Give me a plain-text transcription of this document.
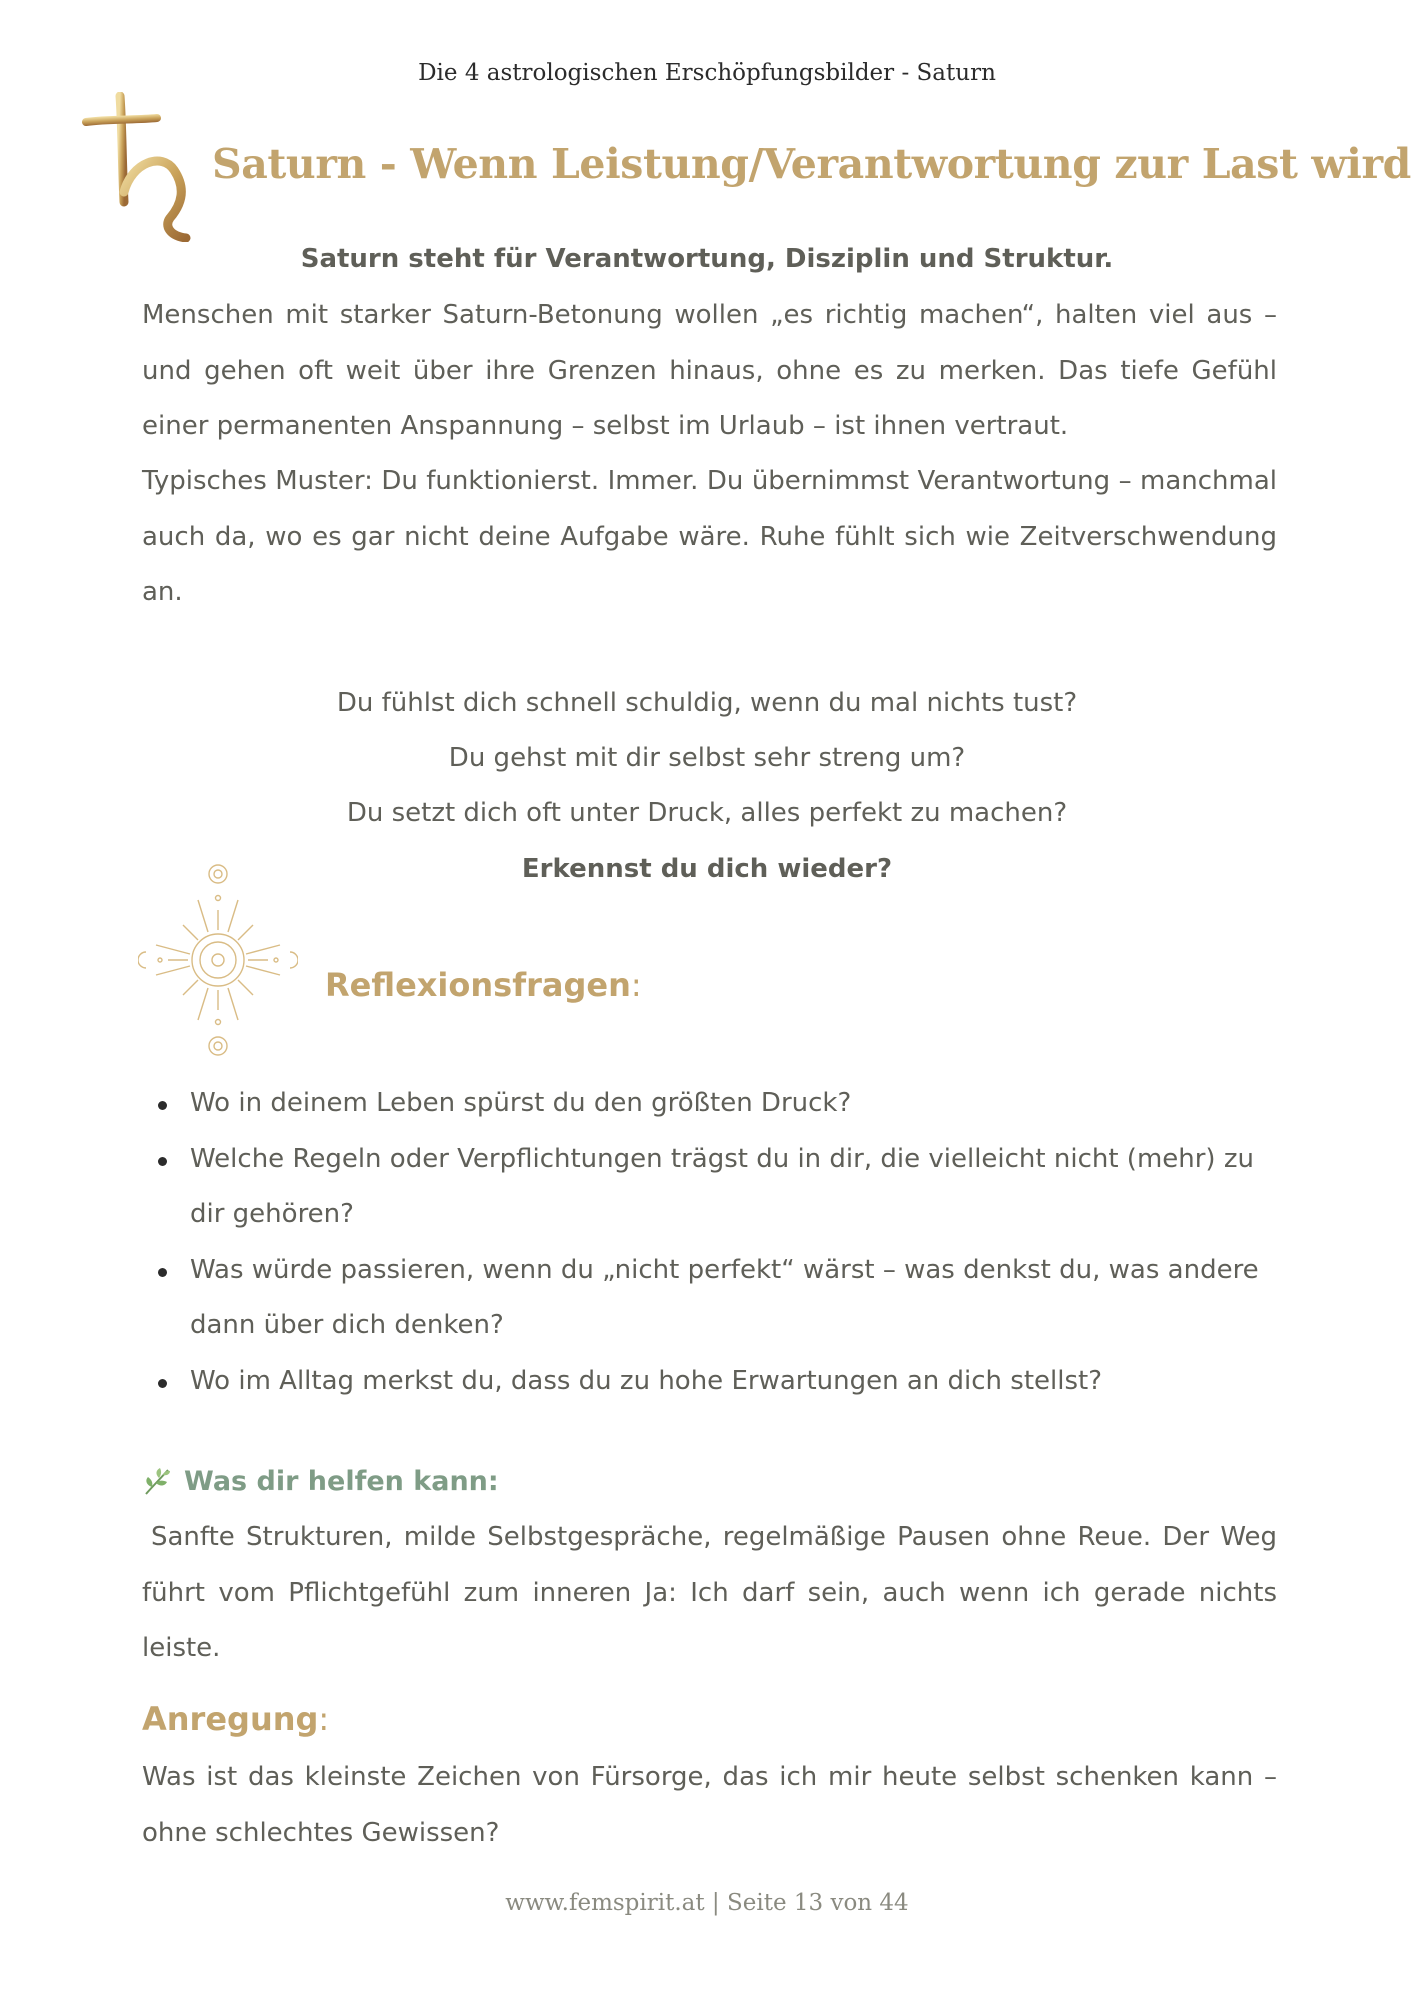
Die 4 astrologischen Erschöpfungsbilder - Saturn
Saturn - Wenn Leistung/Verantwortung zur Last wird

Saturn steht für Verantwortung, Disziplin und Struktur.

Menschen mit starker Saturn-Betonung wollen „es richtig machen“, halten viel aus – und gehen oft weit über ihre Grenzen hinaus, ohne es zu merken. Das tiefe Gefühl einer permanenten Anspannung – selbst im Urlaub – ist ihnen vertraut.

Typisches Muster: Du funktionierst. Immer. Du übernimmst Verantwortung – manchmal auch da, wo es gar nicht deine Aufgabe wäre. Ruhe fühlt sich wie Zeitverschwendung an.

Du fühlst dich schnell schuldig, wenn du mal nichts tust?

Du gehst mit dir selbst sehr streng um?

Du setzt dich oft unter Druck, alles perfekt zu machen?

Erkennst du dich wieder?

Reflexionsfragen:
Wo in deinem Leben spürst du den größten Druck?
Welche Regeln oder Verpflichtungen trägst du in dir, die vielleicht nicht (mehr) zu dir gehören?
Was würde passieren, wenn du „nicht perfekt“ wärst – was denkst du, was andere dann über dich denken?
Wo im Alltag merkst du, dass du zu hohe Erwartungen an dich stellst?
Was dir helfen kann:

Sanfte Strukturen, milde Selbstgespräche, regelmäßige Pausen ohne Reue. Der Weg führt vom Pflichtgefühl zum inneren Ja: Ich darf sein, auch wenn ich gerade nichts leiste.

Anregung:

Was ist das kleinste Zeichen von Fürsorge, das ich mir heute selbst schenken kann – ohne schlechtes Gewissen?

www.femspirit.at | Seite 13 von 44
